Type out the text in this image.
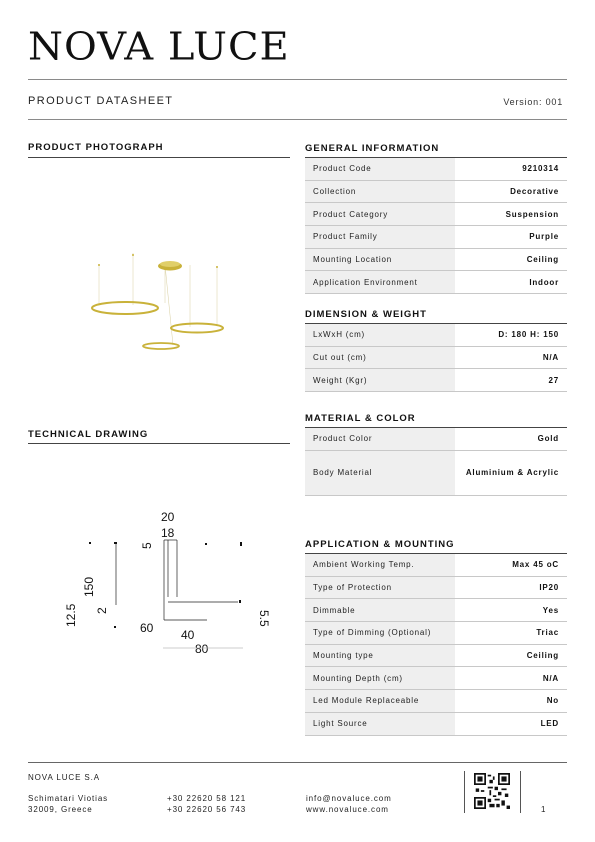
NOVA LUCE
PRODUCT DATASHEET	Version: 001
PRODUCT PHOTOGRAPH
TECHNICAL DRAWING
20
18
5
150
12.5 2
60 40
80
5.5
GENERAL INFORMATION
Product Code	9210314
Collection	Decorative
Product Category	Suspension
Product Family	Purple
Mounting Location	Ceiling
Application Environment	Indoor
DIMENSION & WEIGHT
LxWxH (cm)	D: 180 H: 150
Cut out (cm)	N/A
Weight (Kgr)	27
MATERIAL & COLOR
Product Color	Gold
Body Material	Aluminium & Acrylic
APPLICATION & MOUNTING
Ambient Working Temp.	Max 45 oC
Type of Protection	IP20
Dimmable	Yes
Type of Dimming (Optional)	Triac
Mounting type	Ceiling
Mounting Depth (cm)	N/A
Led Module Replaceable	No
Light Source	LED
NOVA LUCE S.A
Schimatari Viotias
32009, Greece
+30 22620 58 121
+30 22620 56 743
info@novaluce.com
www.novaluce.com	1
